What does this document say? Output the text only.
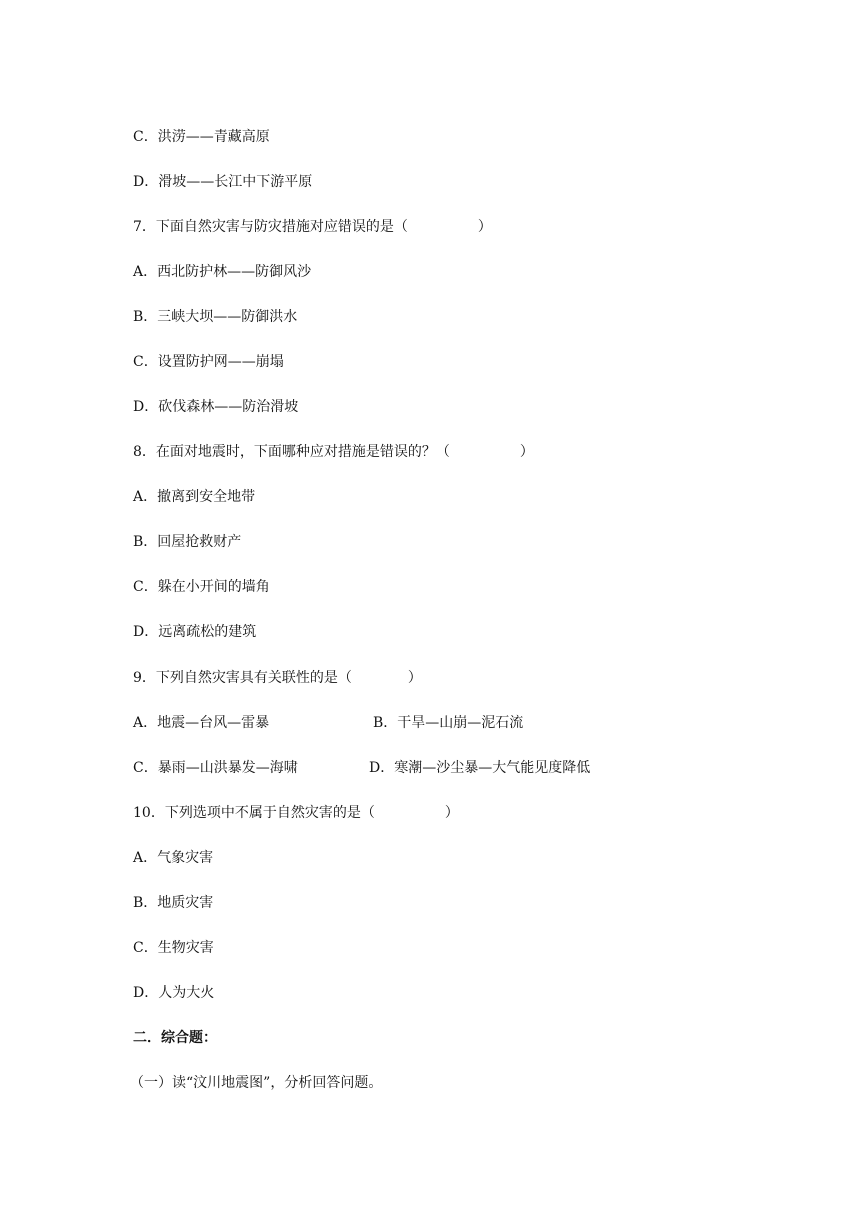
C．洪涝——青藏高原
D．滑坡——长江中下游平原
7．下面自然灾害与防灾措施对应错误的是（　　　　　）
A．西北防护林——防御风沙
B．三峡大坝——防御洪水
C．设置防护网——崩塌
D．砍伐森林——防治滑坡
8．在面对地震时，下面哪种应对措施是错误的？（　　　　　）
A．撤离到安全地带
B．回屋抢救财产
C．躲在小开间的墙角
D．远离疏松的建筑
9．下列自然灾害具有关联性的是（　　　　）
A．地震—台风—雷暴	B．干旱—山崩—泥石流
C．暴雨—山洪暴发—海啸	D．寒潮—沙尘暴—大气能见度降低
10．下列选项中不属于自然灾害的是（　　　　　）
A．气象灾害
B．地质灾害
C．生物灾害
D．人为大火
二．综合题：
（一）读“汶川地震图”，分析回答问题。
